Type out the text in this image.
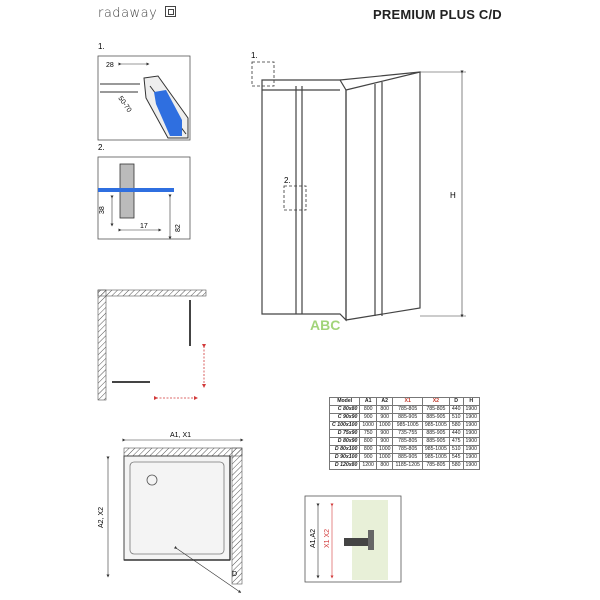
radaway	PREMIUM PLUS C/D
1.
28
50-70
2.
38
17	82
1.
2.
H
ABC
A1, X1
A2, X2
D
A1,A2 X1 X2
Model	A1	A2	X1	X2	D	H
C 80x80	800	800	785-805	785-805	440	1900
C 90x90	900	900	885-905	885-905	510	1900
C 100x100	1000	1000	985-1005	985-1005	580	1900
D 75x90	750	900	735-755	885-905	440	1900
D 80x90	800	900	785-805	885-905	475	1900
D 80x100	800	1000	785-805	985-1005	510	1900
D 90x100	900	1000	885-905	985-1005	545	1900
D 120x80	1200	800	1185-1205	785-805	580	1900
